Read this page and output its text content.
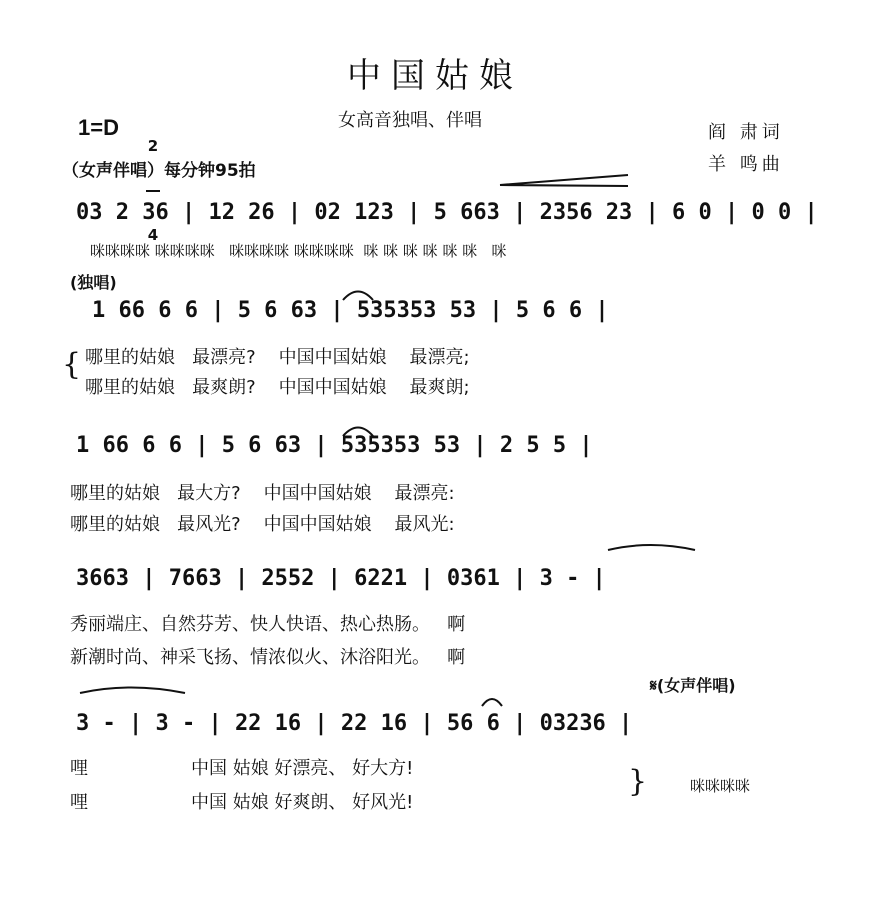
中国姑娘
女高音独唱、伴唱
阎 肃词
羊 鸣曲
1=D

2

4

（女声伴唱）每分钟95拍
03 2 36 | 12 26 | 02 123 | 5 663 | 2356 23 | 6 0 | 0 0 |
咪咪咪咪 咪咪咪咪   咪咪咪咪 咪咪咪咪  咪 咪 咪 咪 咪 咪   咪
(独唱)
1 66 6 6 | 5 6 63 | 535353 53 | 5 6 6 |
{ 哪里的姑娘   最漂亮?    中国中国姑娘    最漂亮;
哪里的姑娘   最爽朗?    中国中国姑娘    最爽朗;
1 66 6 6 | 5 6 63 | 535353 53 | 2 5 5 |
哪里的姑娘   最大方?    中国中国姑娘    最漂亮:
哪里的姑娘   最风光?    中国中国姑娘    最风光:
3663 | 7663 | 2552 | 6221 | 0361 | 3 - |
秀丽端庄、自然芬芳、快人快语、热心热肠。   啊
新潮时尚、神采飞扬、情浓似火、沐浴阳光。   啊
𝄋(女声伴唱)
3 - | 3 - | 22 16 | 22 16 | 56 6 | 03236 |
哩                  中国 姑娘 好漂亮、 好大方!
哩                  中国 姑娘 好爽朗、 好风光!
}	咪咪咪咪
